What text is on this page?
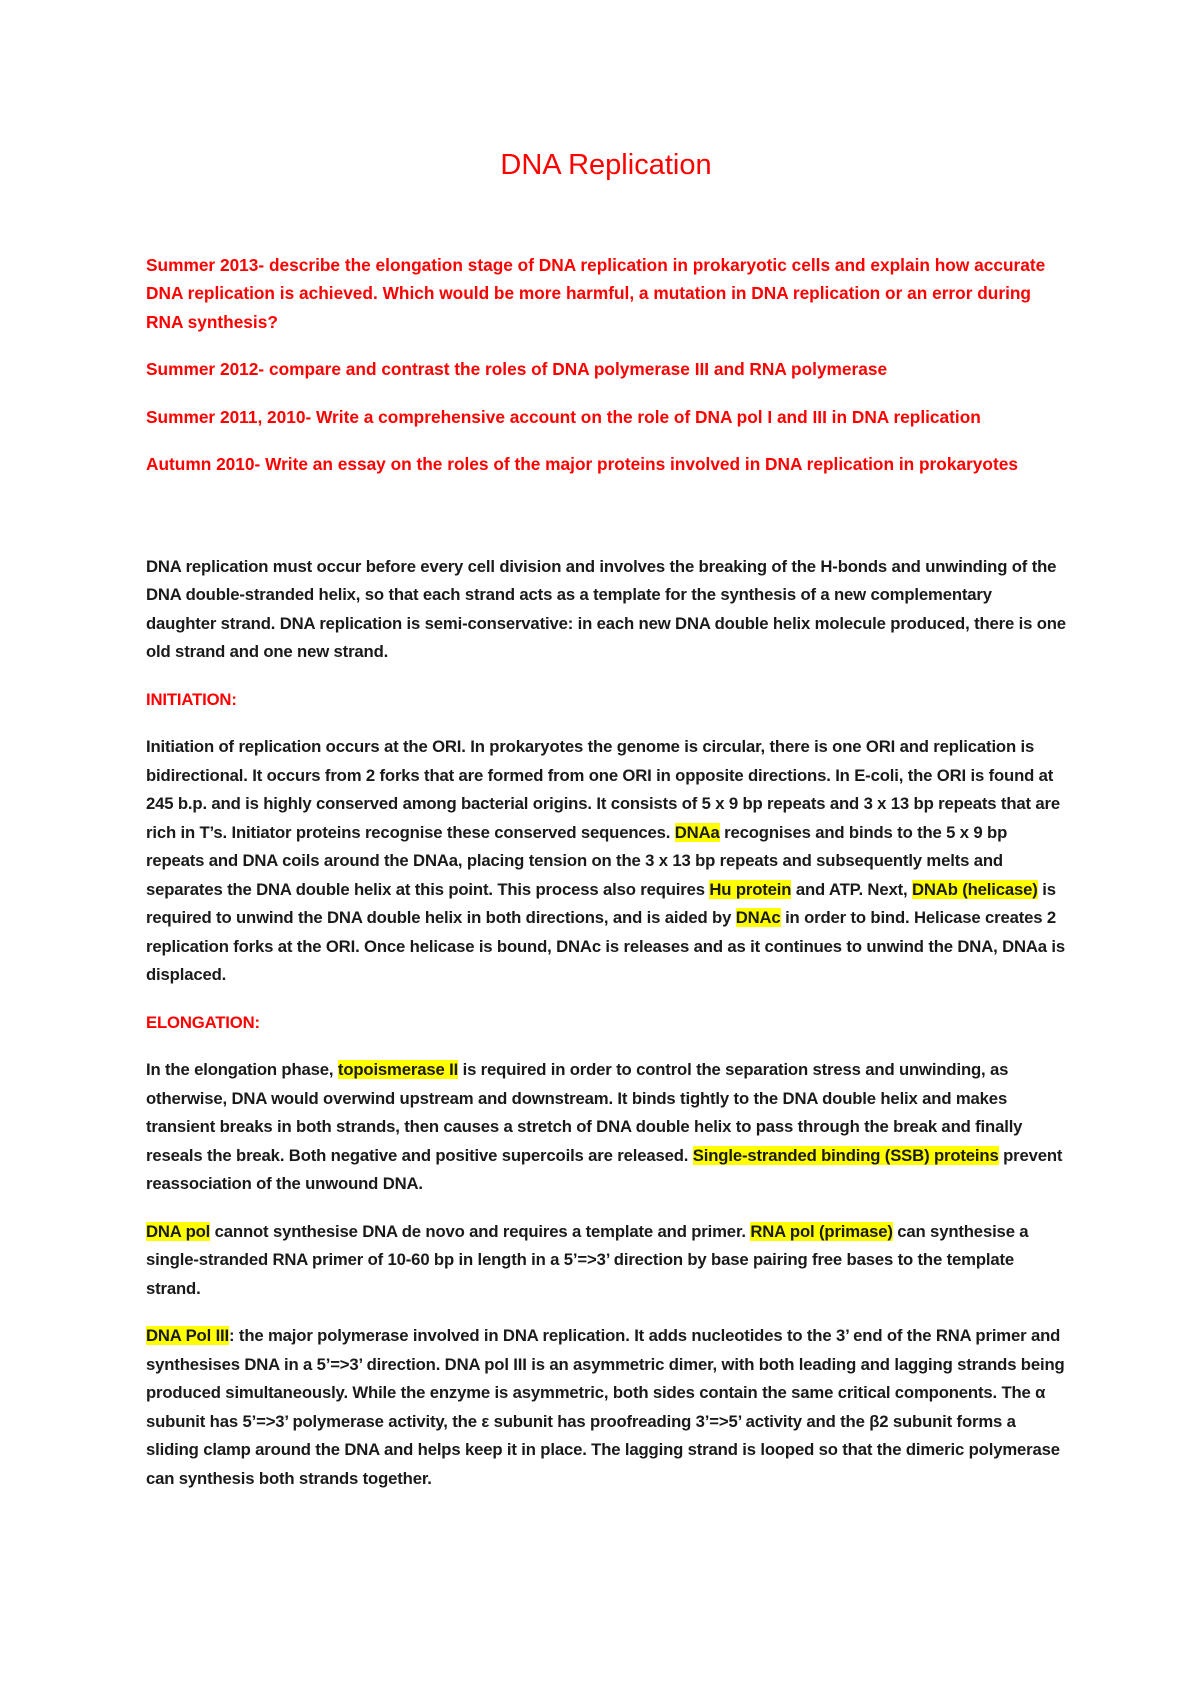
DNA Replication

Summer 2013- describe the elongation stage of DNA replication in prokaryotic cells and explain how accurate DNA replication is achieved. Which would be more harmful, a mutation in DNA replication or an error during RNA synthesis?

Summer 2012- compare and contrast the roles of DNA polymerase III and RNA polymerase

Summer 2011, 2010- Write a comprehensive account on the role of DNA pol I and III in DNA replication

Autumn 2010- Write an essay on the roles of the major proteins involved in DNA replication in prokaryotes

DNA replication must occur before every cell division and involves the breaking of the H-bonds and unwinding of the DNA double-stranded helix, so that each strand acts as a template for the synthesis of a new complementary daughter strand. DNA replication is semi-conservative: in each new DNA double helix molecule produced, there is one old strand and one new strand.

INITIATION:

Initiation of replication occurs at the ORI. In prokaryotes the genome is circular, there is one ORI and replication is bidirectional. It occurs from 2 forks that are formed from one ORI in opposite directions. In E-coli, the ORI is found at 245 b.p. and is highly conserved among bacterial origins. It consists of 5 x 9 bp repeats and 3 x 13 bp repeats that are rich in T’s. Initiator proteins recognise these conserved sequences. DNAa recognises and binds to the 5 x 9 bp repeats and DNA coils around the DNAa, placing tension on the 3 x 13 bp repeats and subsequently melts and separates the DNA double helix at this point. This process also requires Hu protein and ATP. Next, DNAb (helicase) is required to unwind the DNA double helix in both directions, and is aided by DNAc in order to bind. Helicase creates 2 replication forks at the ORI. Once helicase is bound, DNAc is releases and as it continues to unwind the DNA, DNAa is displaced.

ELONGATION:

In the elongation phase, topoismerase II is required in order to control the separation stress and unwinding, as otherwise, DNA would overwind upstream and downstream. It binds tightly to the DNA double helix and makes transient breaks in both strands, then causes a stretch of DNA double helix to pass through the break and finally reseals the break. Both negative and positive supercoils are released. Single-stranded binding (SSB) proteins prevent reassociation of the unwound DNA.

DNA pol cannot synthesise DNA de novo and requires a template and primer. RNA pol (primase) can synthesise a single-stranded RNA primer of 10-60 bp in length in a 5’=>3’ direction by base pairing free bases to the template strand.

DNA Pol III: the major polymerase involved in DNA replication. It adds nucleotides to the 3’ end of the RNA primer and synthesises DNA in a 5’=>3’ direction. DNA pol III is an asymmetric dimer, with both leading and lagging strands being produced simultaneously. While the enzyme is asymmetric, both sides contain the same critical components. The α subunit has 5’=>3’ polymerase activity, the ε subunit has proofreading 3’=>5’ activity and the β2 subunit forms a sliding clamp around the DNA and helps keep it in place. The lagging strand is looped so that the dimeric polymerase can synthesis both strands together.
